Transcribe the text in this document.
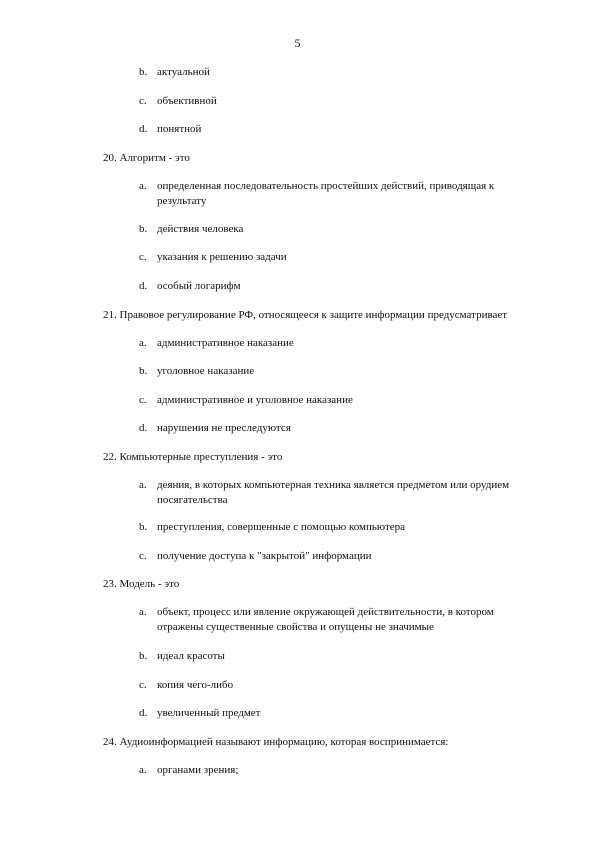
5
b. актуальной
c. объективной
d. понятной
20. Алгоритм - это
a. определенная последовательность простейших действий, приводящая к
результату
b. действия человека
c. указания к решению задачи
d. особый логарифм
21. Правовое регулирование РФ, относящееся к защите информации предусматривает
a. административное наказание
b. уголовное наказание
c. административное и уголовное наказание
d. нарушения не преследуются
22. Компьютерные преступления - это
a. деяния, в которых компьютерная техника является предметом или орудием
посягательства
b. преступления, совершенные с помощью компьютера
c. получение доступа к "закрытой" информации
23. Модель - это
a. объект, процесс или явление окружающей действительности, в котором
отражены существенные свойства и опущены не значимые
b. идеал красоты
c. копия чего-либо
d. увеличенный предмет
24. Аудиоинформацией называют информацию, которая воспринимается:
a. органами зрения;
